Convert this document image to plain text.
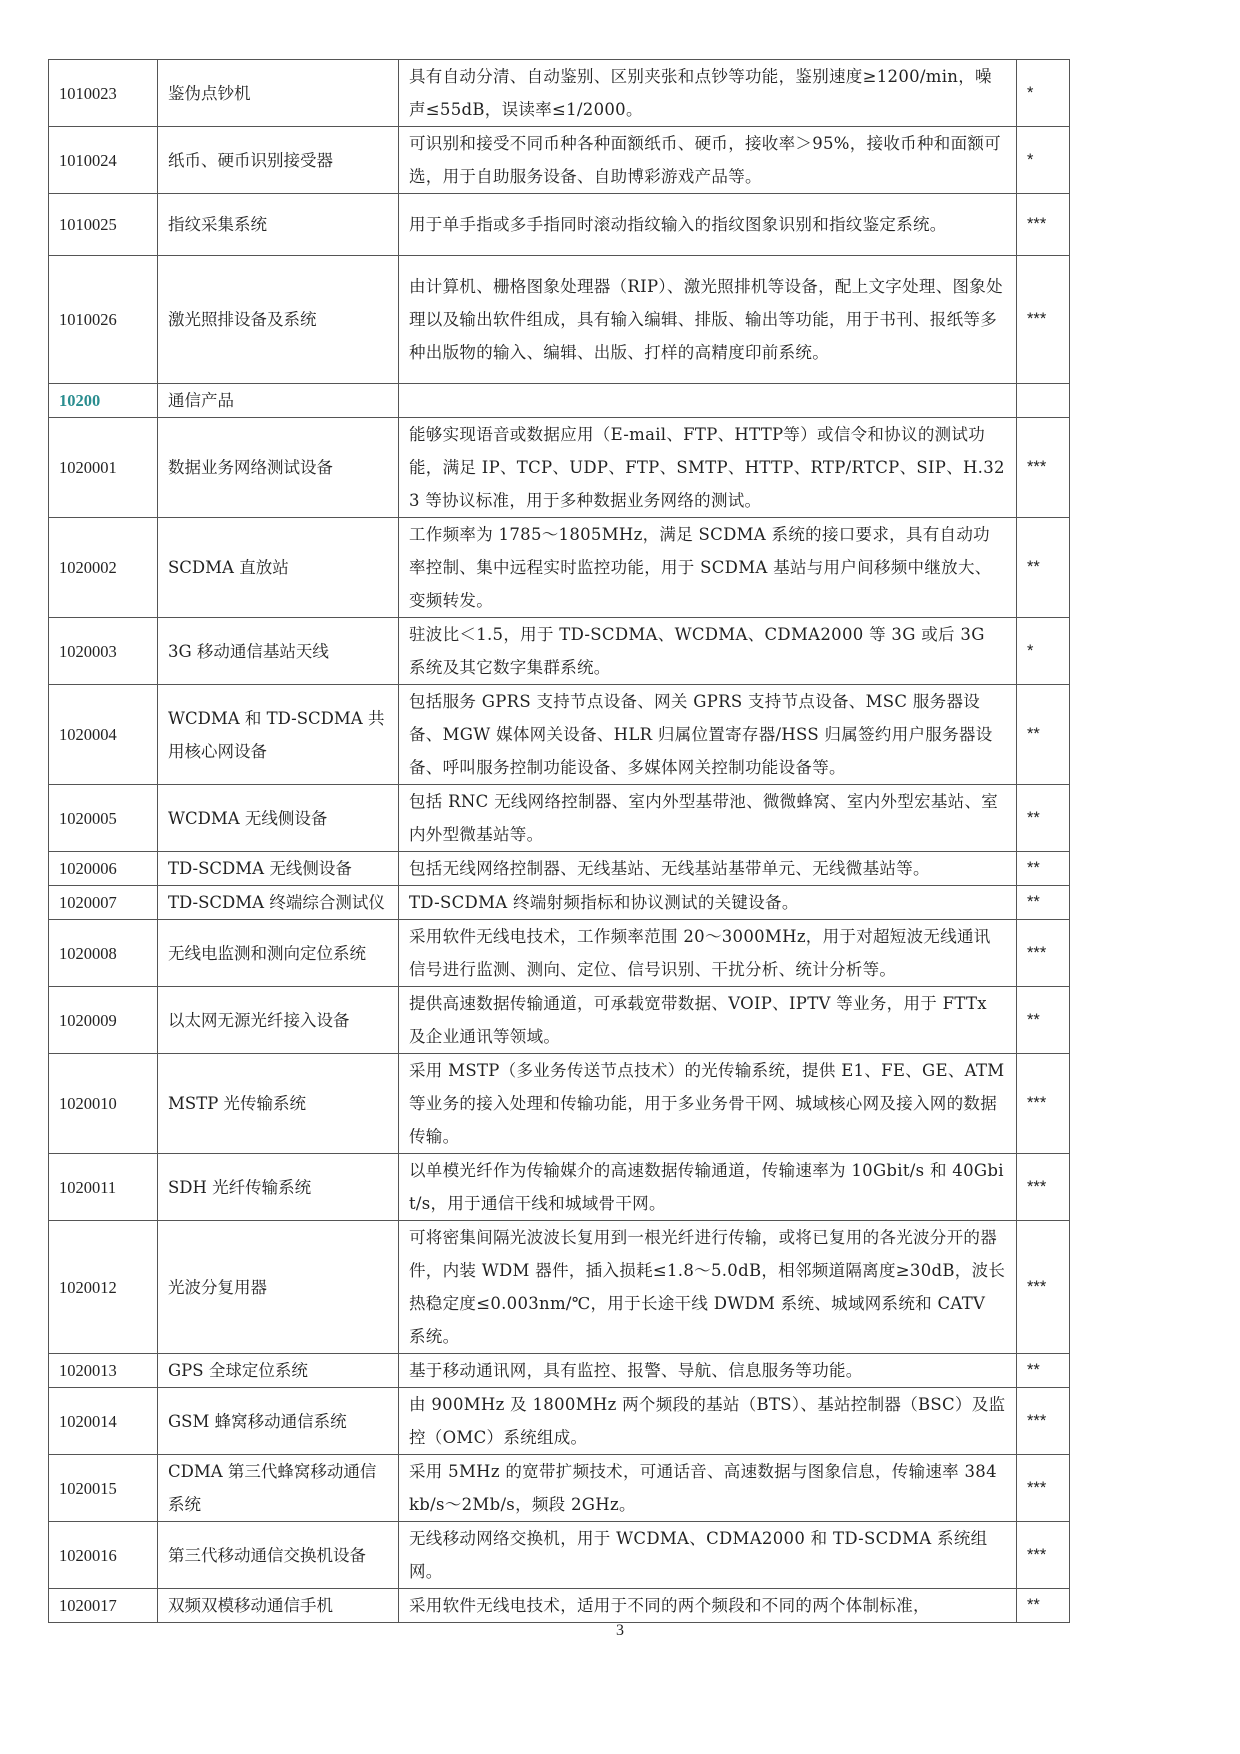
1010023	鉴伪点钞机	具有自动分清、自动鉴别、区别夹张和点钞等功能，鉴别速度≥1200/min，噪声≤55dB，误读率≤1/2000。	*
1010024	纸币、硬币识别接受器	可识别和接受不同币种各种面额纸币、硬币，接收率＞95%，接收币种和面额可选，用于自助服务设备、自助博彩游戏产品等。	*
1010025	指纹采集系统	用于单手指或多手指同时滚动指纹输入的指纹图象识别和指纹鉴定系统。	***
1010026	激光照排设备及系统	由计算机、栅格图象处理器（RIP）、激光照排机等设备，配上文字处理、图象处理以及输出软件组成，具有输入编辑、排版、输出等功能，用于书刊、报纸等多种出版物的输入、编辑、出版、打样的高精度印前系统。	***
10200	通信产品		
1020001	数据业务网络测试设备	能够实现语音或数据应用（E-mail、FTP、HTTP等）或信令和协议的测试功能，满足 IP、TCP、UDP、FTP、SMTP、HTTP、RTP/RTCP、SIP、H.323 等协议标准，用于多种数据业务网络的测试。	***
1020002	SCDMA 直放站	工作频率为 1785～1805MHz，满足 SCDMA 系统的接口要求，具有自动功率控制、集中远程实时监控功能，用于 SCDMA 基站与用户间移频中继放大、变频转发。	**
1020003	3G 移动通信基站天线	驻波比＜1.5，用于 TD-SCDMA、WCDMA、CDMA2000 等 3G 或后 3G 系统及其它数字集群系统。	*
1020004	WCDMA 和 TD-SCDMA 共用核心网设备	包括服务 GPRS 支持节点设备、网关 GPRS 支持节点设备、MSC 服务器设备、MGW 媒体网关设备、HLR 归属位置寄存器/HSS 归属签约用户服务器设备、呼叫服务控制功能设备、多媒体网关控制功能设备等。	**
1020005	WCDMA 无线侧设备	包括 RNC 无线网络控制器、室内外型基带池、微微蜂窝、室内外型宏基站、室内外型微基站等。	**
1020006	TD-SCDMA 无线侧设备	包括无线网络控制器、无线基站、无线基站基带单元、无线微基站等。	**
1020007	TD-SCDMA 终端综合测试仪	TD-SCDMA 终端射频指标和协议测试的关键设备。	**
1020008	无线电监测和测向定位系统	采用软件无线电技术，工作频率范围 20～3000MHz，用于对超短波无线通讯信号进行监测、测向、定位、信号识别、干扰分析、统计分析等。	***
1020009	以太网无源光纤接入设备	提供高速数据传输通道，可承载宽带数据、VOIP、IPTV 等业务，用于 FTTx 及企业通讯等领域。	**
1020010	MSTP 光传输系统	采用 MSTP（多业务传送节点技术）的光传输系统，提供 E1、FE、GE、ATM 等业务的接入处理和传输功能，用于多业务骨干网、城域核心网及接入网的数据传输。	***
1020011	SDH 光纤传输系统	以单模光纤作为传输媒介的高速数据传输通道，传输速率为 10Gbit/s 和 40Gbit/s，用于通信干线和城域骨干网。	***
1020012	光波分复用器	可将密集间隔光波波长复用到一根光纤进行传输，或将已复用的各光波分开的器件，内装 WDM 器件，插入损耗≤1.8～5.0dB，相邻频道隔离度≥30dB，波长热稳定度≤0.003nm/℃，用于长途干线 DWDM 系统、城域网系统和 CATV 系统。	***
1020013	GPS 全球定位系统	基于移动通讯网，具有监控、报警、导航、信息服务等功能。	**
1020014	GSM 蜂窝移动通信系统	由 900MHz 及 1800MHz 两个频段的基站（BTS）、基站控制器（BSC）及监控（OMC）系统组成。	***
1020015	CDMA 第三代蜂窝移动通信系统	采用 5MHz 的宽带扩频技术，可通话音、高速数据与图象信息，传输速率 384kb/s～2Mb/s，频段 2GHz。	***
1020016	第三代移动通信交换机设备	无线移动网络交换机，用于 WCDMA、CDMA2000 和 TD-SCDMA 系统组网。	***
1020017	双频双模移动通信手机	采用软件无线电技术，适用于不同的两个频段和不同的两个体制标准，	**
3
